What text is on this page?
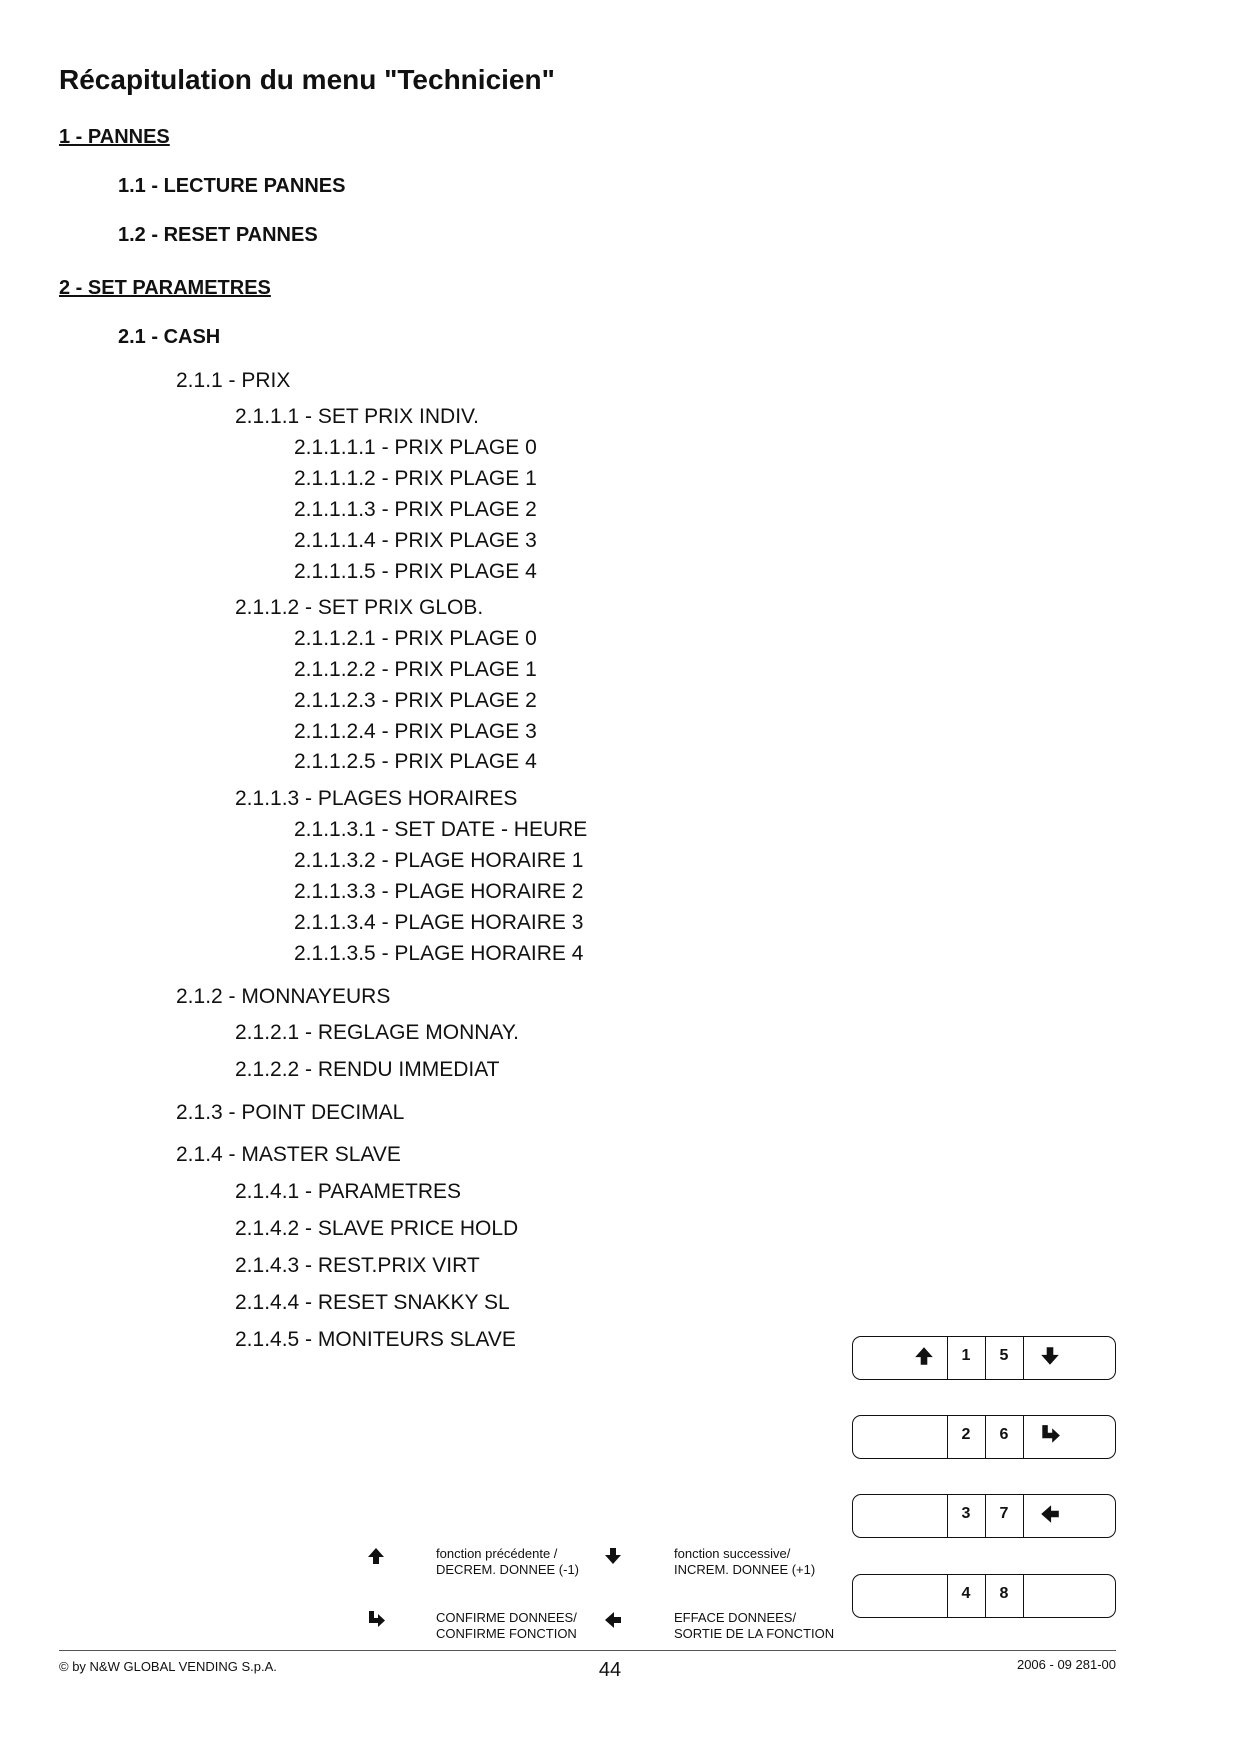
Récapitulation du menu "Technicien"
1 - PANNES
1.1 - LECTURE PANNES
1.2 - RESET PANNES
2 - SET PARAMETRES
2.1 - CASH
2.1.1 - PRIX
2.1.1.1 - SET PRIX INDIV.
2.1.1.1.1 - PRIX PLAGE 0
2.1.1.1.2 - PRIX PLAGE 1
2.1.1.1.3 - PRIX PLAGE 2
2.1.1.1.4 - PRIX PLAGE 3
2.1.1.1.5 - PRIX PLAGE 4
2.1.1.2 - SET PRIX GLOB.
2.1.1.2.1 - PRIX PLAGE 0
2.1.1.2.2 - PRIX PLAGE 1
2.1.1.2.3 - PRIX PLAGE 2
2.1.1.2.4 - PRIX PLAGE 3
2.1.1.2.5 - PRIX PLAGE 4
2.1.1.3 - PLAGES HORAIRES
2.1.1.3.1 - SET DATE - HEURE
2.1.1.3.2 - PLAGE HORAIRE 1
2.1.1.3.3 - PLAGE HORAIRE 2
2.1.1.3.4 - PLAGE HORAIRE 3
2.1.1.3.5 - PLAGE HORAIRE 4
2.1.2 - MONNAYEURS
2.1.2.1 - REGLAGE MONNAY.
2.1.2.2 - RENDU IMMEDIAT
2.1.3 - POINT DECIMAL
2.1.4 - MASTER SLAVE
2.1.4.1 - PARAMETRES
2.1.4.2 - SLAVE PRICE HOLD
2.1.4.3 - REST.PRIX VIRT
2.1.4.4 - RESET SNAKKY SL
2.1.4.5 - MONITEURS SLAVE
1	5
2	6
3	7
4	8
fonction précédente /
DECREM. DONNEE (-1)
fonction successive/
INCREM. DONNEE (+1)
CONFIRME DONNEES/
CONFIRME FONCTION
EFFACE DONNEES/
SORTIE DE LA FONCTION
© by N&W GLOBAL VENDING S.p.A.	44	2006 - 09 281-00
